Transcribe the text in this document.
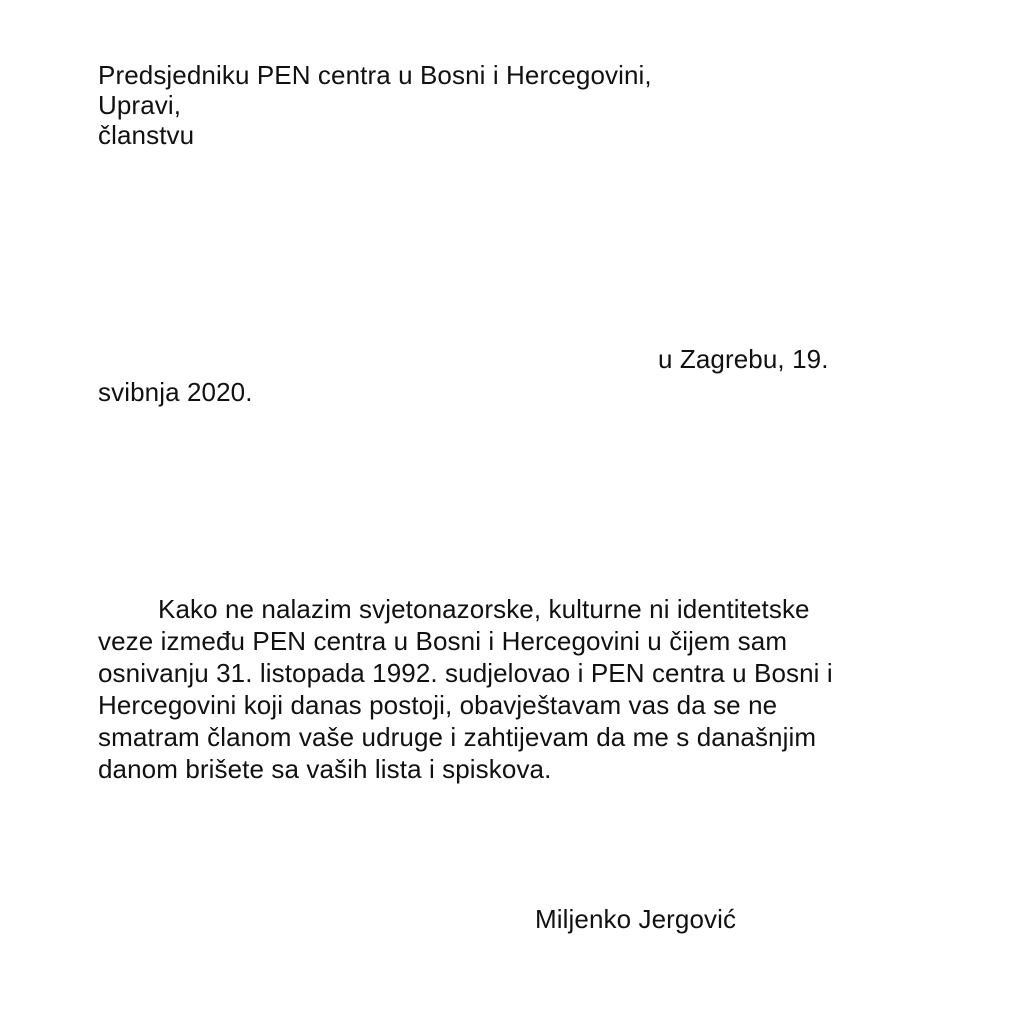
Predsjedniku PEN centra u Bosni i Hercegovini,
Upravi,
članstvu
u Zagrebu, 19.
svibnja 2020.
Kako ne nalazim svjetonazorske, kulturne ni identitetske
veze između PEN centra u Bosni i Hercegovini u čijem sam
osnivanju 31. listopada 1992. sudjelovao i PEN centra u Bosni i
Hercegovini koji danas postoji, obavještavam vas da se ne
smatram članom vaše udruge i zahtijevam da me s današnjim
danom brišete sa vaših lista i spiskova.
Miljenko Jergović
